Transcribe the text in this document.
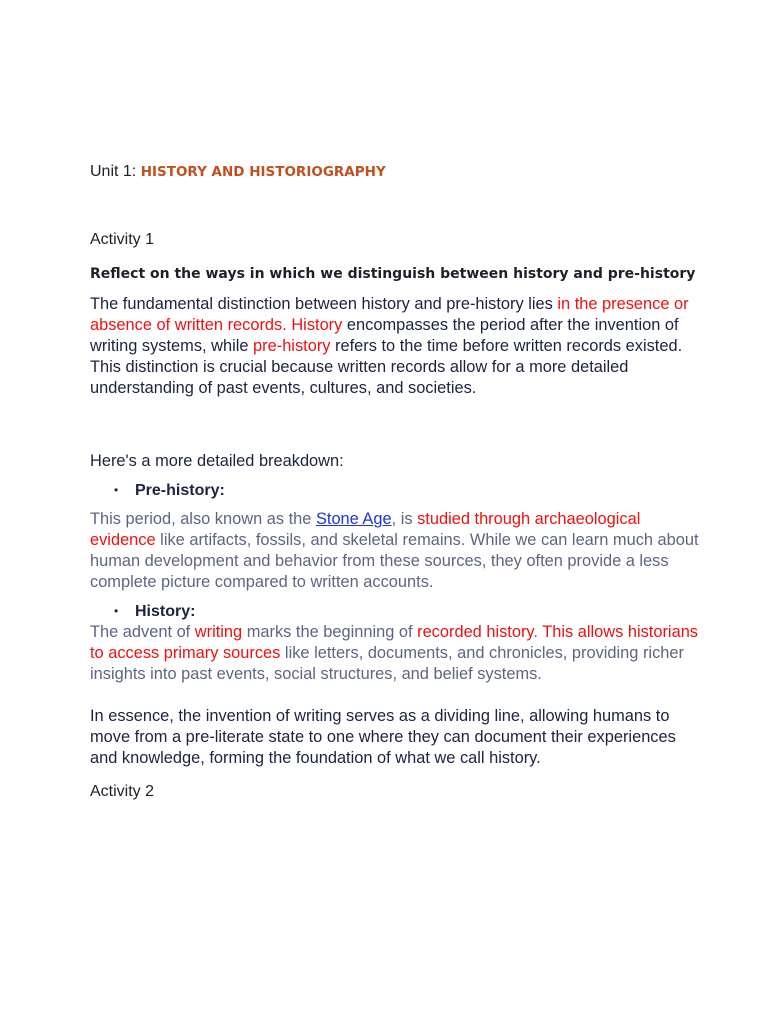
Unit 1: HISTORY AND HISTORIOGRAPHY

Activity 1

Reflect on the ways in which we distinguish between history and pre-history

The fundamental distinction between history and pre-history lies in the presence or absence of written records. History encompasses the period after the invention of writing systems, while pre-history refers to the time before written records existed. This distinction is crucial because written records allow for a more detailed understanding of past events, cultures, and societies.

Here's a more detailed breakdown:

• Pre-history:

This period, also known as the Stone Age, is studied through archaeological evidence like artifacts, fossils, and skeletal remains. While we can learn much about human development and behavior from these sources, they often provide a less complete picture compared to written accounts.

• History:

The advent of writing marks the beginning of recorded history. This allows historians to access primary sources like letters, documents, and chronicles, providing richer insights into past events, social structures, and belief systems.

In essence, the invention of writing serves as a dividing line, allowing humans to move from a pre-literate state to one where they can document their experiences and knowledge, forming the foundation of what we call history.

Activity 2
